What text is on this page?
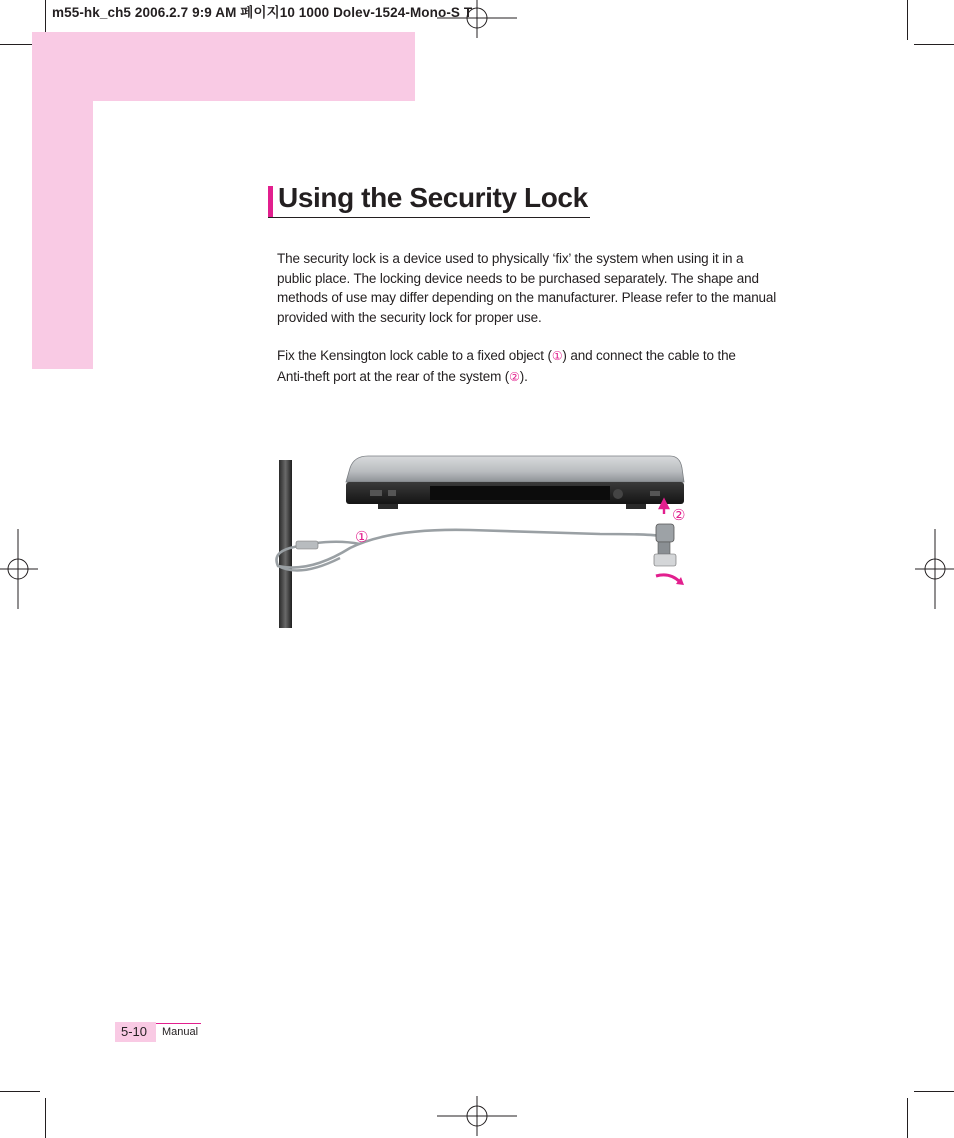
m55-hk_ch5 2006.2.7 9:9 AM 페이지10 1000 Dolev-1524-Mono-S T
Using the Security Lock

The security lock is a device used to physically ‘fix’ the system when using it in a

public place. The locking device needs to be purchased separately. The shape and

methods of use may differ depending on the manufacturer. Please refer to the manual

provided with the security lock for proper use.

Fix the Kensington lock cable to a fixed object (①) and connect the cable to the

Anti-theft port at the rear of the system (②).

①
②
5-10 Manual
